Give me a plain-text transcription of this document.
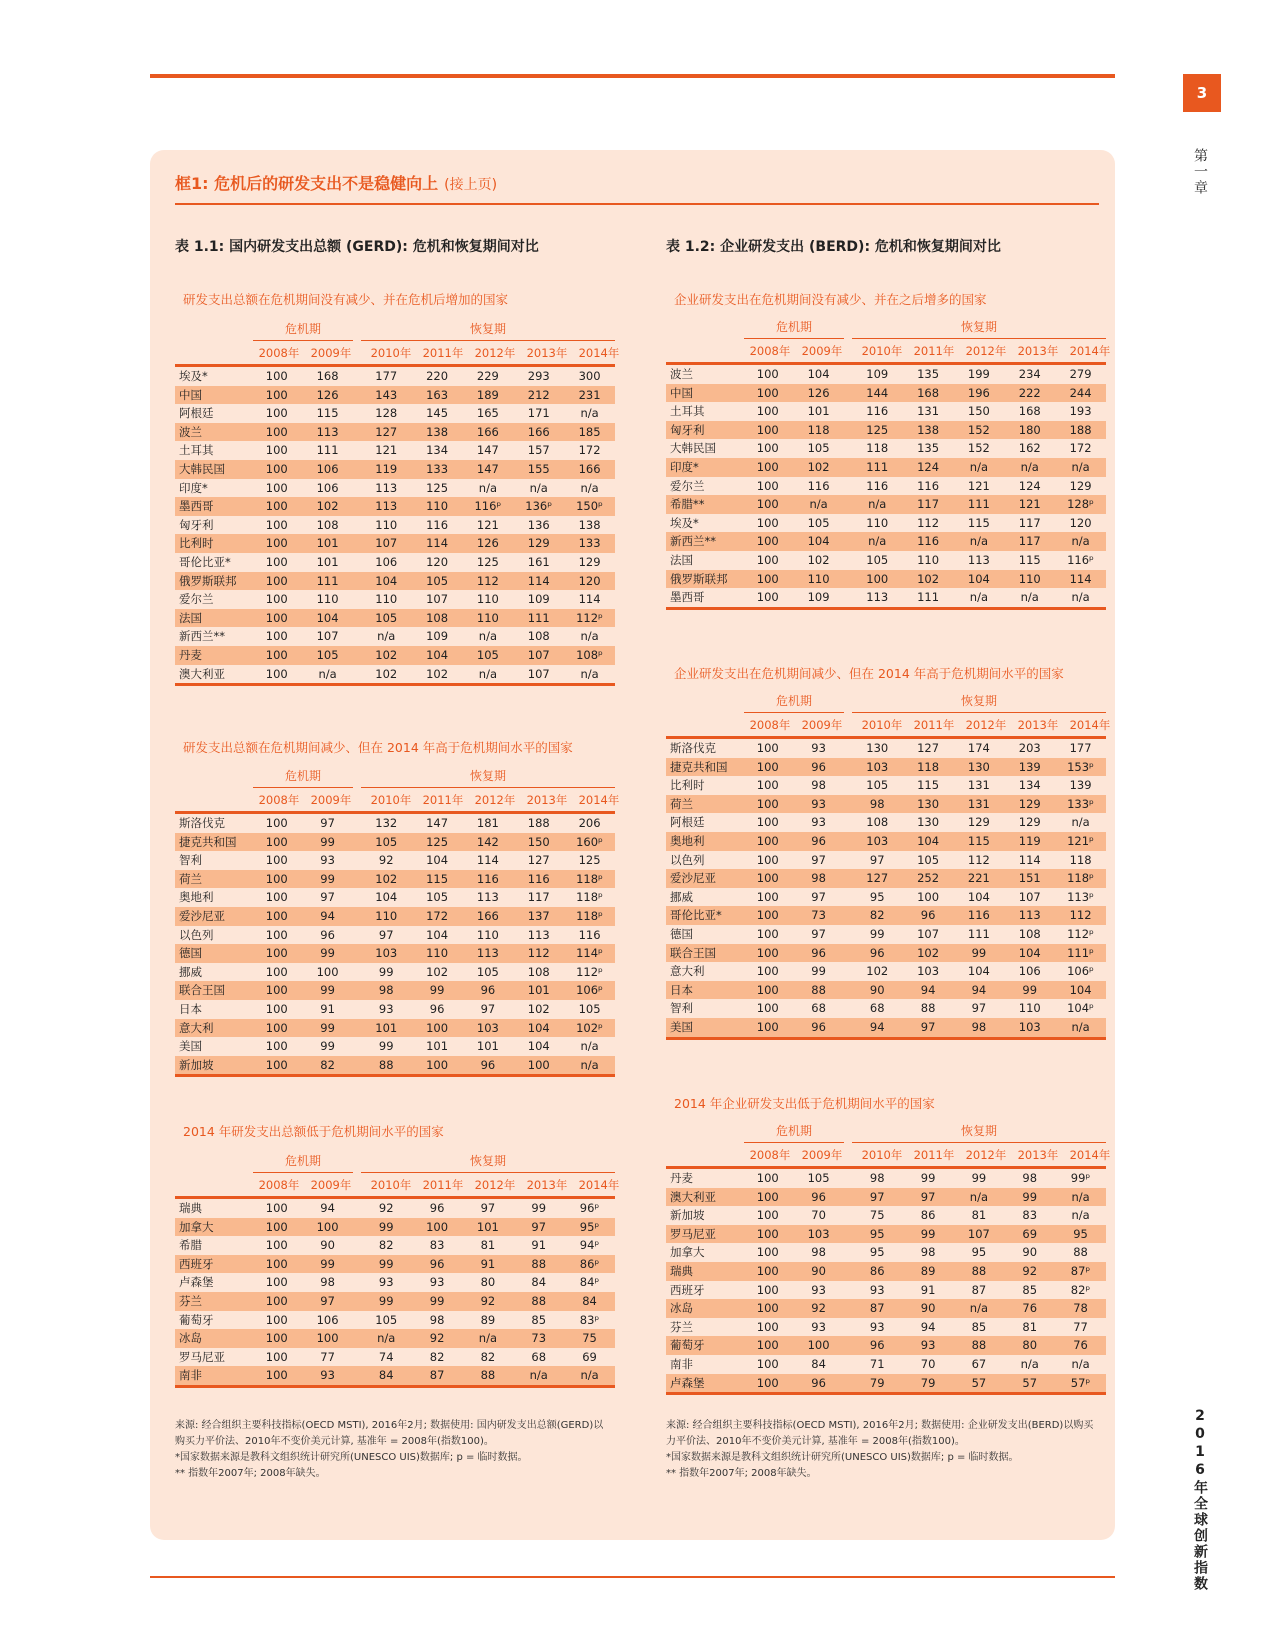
3
第一章
2016年全球创新指数
框1: 危机后的研发支出不是稳健向上 (接上页)
表 1.1: 国内研发支出总额 (GERD): 危机和恢复期间对比	表 1.2: 企业研发支出 (BERD): 危机和恢复期间对比
研发支出总额在危机期间没有减少、并在危机后增加的国家
危机期	恢复期
2008年 2009年	2010年 2011年 2012年 2013年 2014年
埃及*	100	168	177	220	229	293	300
中国	100	126	143	163	189	212	231
阿根廷	100	115	128	145	165	171	n/a
波兰	100	113	127	138	166	166	185
土耳其	100	111	121	134	147	157	172
大韩民国	100	106	119	133	147	155	166
印度*	100	106	113	125	n/a	n/a	n/a
墨西哥	100	102	113	110	116ᵖ	136ᵖ	150ᵖ
匈牙利	100	108	110	116	121	136	138
比利时	100	101	107	114	126	129	133
哥伦比亚*	100	101	106	120	125	161	129
俄罗斯联邦	100	111	104	105	112	114	120
爱尔兰	100	110	110	107	110	109	114
法国	100	104	105	108	110	111	112ᵖ
新西兰**	100	107	n/a	109	n/a	108	n/a
丹麦	100	105	102	104	105	107	108ᵖ
澳大利亚	100	n/a	102	102	n/a	107	n/a
研发支出总额在危机期间减少、但在 2014 年高于危机期间水平的国家
危机期	恢复期
2008年 2009年	2010年 2011年 2012年 2013年 2014年
斯洛伐克	100	97	132	147	181	188	206
捷克共和国	100	99	105	125	142	150	160ᵖ
智利	100	93	92	104	114	127	125
荷兰	100	99	102	115	116	116	118ᵖ
奥地利	100	97	104	105	113	117	118ᵖ
爱沙尼亚	100	94	110	172	166	137	118ᵖ
以色列	100	96	97	104	110	113	116
德国	100	99	103	110	113	112	114ᵖ
挪威	100	100	99	102	105	108	112ᵖ
联合王国	100	99	98	99	96	101	106ᵖ
日本	100	91	93	96	97	102	105
意大利	100	99	101	100	103	104	102ᵖ
美国	100	99	99	101	101	104	n/a
新加坡	100	82	88	100	96	100	n/a
2014 年研发支出总额低于危机期间水平的国家
危机期	恢复期
2008年 2009年	2010年 2011年 2012年 2013年 2014年
瑞典	100	94	92	96	97	99	96ᵖ
加拿大	100	100	99	100	101	97	95ᵖ
希腊	100	90	82	83	81	91	94ᵖ
西班牙	100	99	99	96	91	88	86ᵖ
卢森堡	100	98	93	93	80	84	84ᵖ
芬兰	100	97	99	99	92	88	84
葡萄牙	100	106	105	98	89	85	83ᵖ
冰岛	100	100	n/a	92	n/a	73	75
罗马尼亚	100	77	74	82	82	68	69
南非	100	93	84	87	88	n/a	n/a
企业研发支出在危机期间没有减少、并在之后增多的国家
危机期	恢复期
2008年 2009年	2010年 2011年 2012年 2013年 2014年
波兰	100	104	109	135	199	234	279
中国	100	126	144	168	196	222	244
土耳其	100	101	116	131	150	168	193
匈牙利	100	118	125	138	152	180	188
大韩民国	100	105	118	135	152	162	172
印度*	100	102	111	124	n/a	n/a	n/a
爱尔兰	100	116	116	116	121	124	129
希腊**	100	n/a	n/a	117	111	121	128ᵖ
埃及*	100	105	110	112	115	117	120
新西兰**	100	104	n/a	116	n/a	117	n/a
法国	100	102	105	110	113	115	116ᵖ
俄罗斯联邦	100	110	100	102	104	110	114
墨西哥	100	109	113	111	n/a	n/a	n/a
企业研发支出在危机期间减少、但在 2014 年高于危机期间水平的国家
危机期	恢复期
2008年 2009年	2010年 2011年 2012年 2013年 2014年
斯洛伐克	100	93	130	127	174	203	177
捷克共和国	100	96	103	118	130	139	153ᵖ
比利时	100	98	105	115	131	134	139
荷兰	100	93	98	130	131	129	133ᵖ
阿根廷	100	93	108	130	129	129	n/a
奥地利	100	96	103	104	115	119	121ᵖ
以色列	100	97	97	105	112	114	118
爱沙尼亚	100	98	127	252	221	151	118ᵖ
挪威	100	97	95	100	104	107	113ᵖ
哥伦比亚*	100	73	82	96	116	113	112
德国	100	97	99	107	111	108	112ᵖ
联合王国	100	96	96	102	99	104	111ᵖ
意大利	100	99	102	103	104	106	106ᵖ
日本	100	88	90	94	94	99	104
智利	100	68	68	88	97	110	104ᵖ
美国	100	96	94	97	98	103	n/a
2014 年企业研发支出低于危机期间水平的国家
危机期	恢复期
2008年 2009年	2010年 2011年 2012年 2013年 2014年
丹麦	100	105	98	99	99	98	99ᵖ
澳大利亚	100	96	97	97	n/a	99	n/a
新加坡	100	70	75	86	81	83	n/a
罗马尼亚	100	103	95	99	107	69	95
加拿大	100	98	95	98	95	90	88
瑞典	100	90	86	89	88	92	87ᵖ
西班牙	100	93	93	91	87	85	82ᵖ
冰岛	100	92	87	90	n/a	76	78
芬兰	100	93	93	94	85	81	77
葡萄牙	100	100	96	93	88	80	76
南非	100	84	71	70	67	n/a	n/a
卢森堡	100	96	79	79	57	57	57ᵖ

来源: 经合组织主要科技指标(OECD MSTI), 2016年2月; 数据使用: 国内研发支出总额(GERD)以购买力平价法、2010年不变价美元计算, 基准年 = 2008年(指数100)。

*国家数据来源是教科文组织统计研究所(UNESCO UIS)数据库; p = 临时数据。

** 指数年2007年; 2008年缺失。

来源: 经合组织主要科技指标(OECD MSTI), 2016年2月; 数据使用: 企业研发支出(BERD)以购买力平价法、2010年不变价美元计算, 基准年 = 2008年(指数100)。

*国家数据来源是教科文组织统计研究所(UNESCO UIS)数据库; p = 临时数据。

** 指数年2007年; 2008年缺失。
